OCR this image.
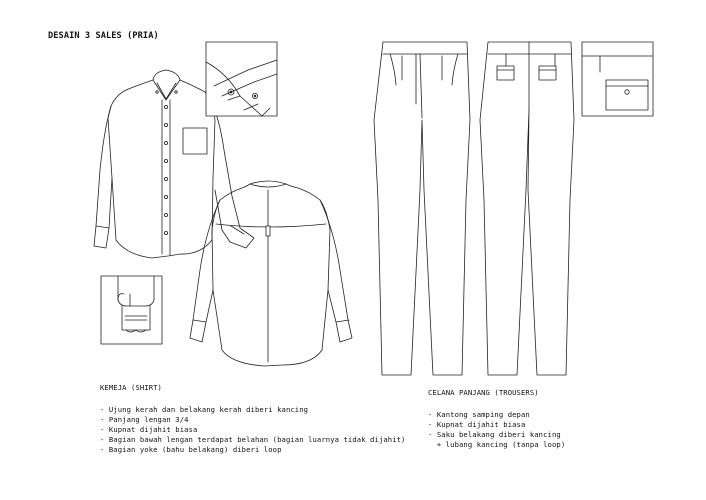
DESAIN 3 SALES (PRIA)
KEMEJA (SHIRT)
- Ujung kerah dan belakang kerah diberi kancing
- Panjang lengan 3/4
- Kupnat dijahit biasa
- Bagian bawah lengan terdapat belahan (bagian luarnya tidak dijahit)
- Bagian yoke (bahu belakang) diberi loop
CELANA PANJANG (TROUSERS)
- Kantong samping depan
- Kupnat dijahit biasa
- Saku belakang diberi kancing
+ lubang kancing (tanpa loop)
